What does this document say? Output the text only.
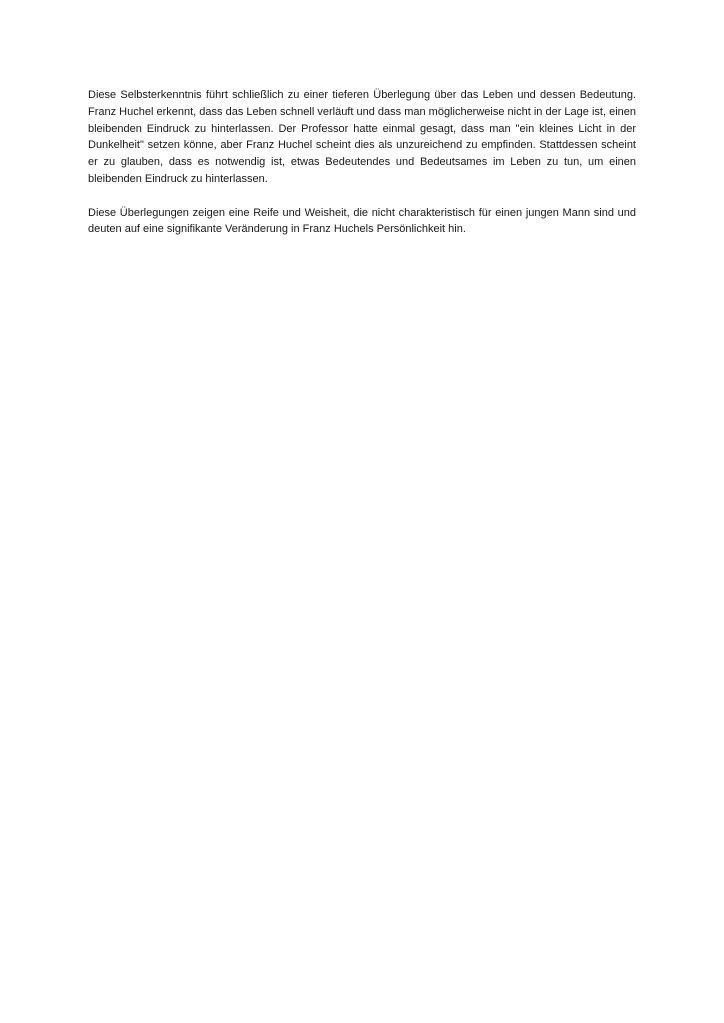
Diese Selbsterkenntnis führt schließlich zu einer tieferen Überlegung über das Leben und dessen Bedeutung. Franz Huchel erkennt, dass das Leben schnell verläuft und dass man möglicherweise nicht in der Lage ist, einen bleibenden Eindruck zu hinterlassen. Der Professor hatte einmal gesagt, dass man "ein kleines Licht in der Dunkelheit" setzen könne, aber Franz Huchel scheint dies als unzureichend zu empfinden. Stattdessen scheint er zu glauben, dass es notwendig ist, etwas Bedeutendes und Bedeutsames im Leben zu tun, um einen bleibenden Eindruck zu hinterlassen.

Diese Überlegungen zeigen eine Reife und Weisheit, die nicht charakteristisch für einen jungen Mann sind und deuten auf eine signifikante Veränderung in Franz Huchels Persönlichkeit hin.
